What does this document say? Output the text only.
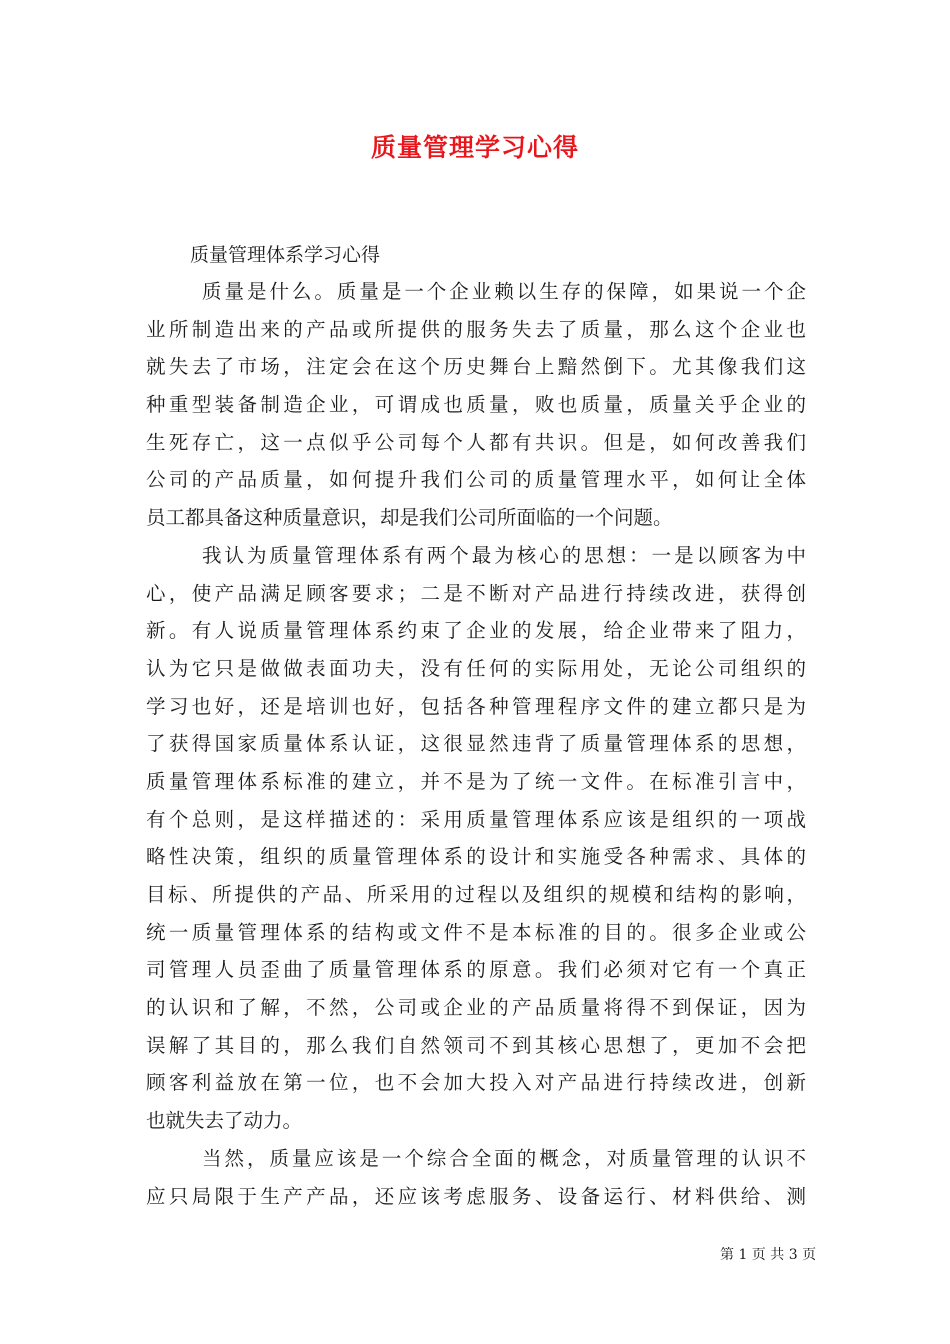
质量管理学习心得
质量管理体系学习心得

质量是什么。质量是一个企业赖以生存的保障，如果说一个企
业所制造出来的产品或所提供的服务失去了质量，那么这个企业也
就失去了市场，注定会在这个历史舞台上黯然倒下。尤其像我们这
种重型装备制造企业，可谓成也质量，败也质量，质量关乎企业的
生死存亡，这一点似乎公司每个人都有共识。但是，如何改善我们
公司的产品质量，如何提升我们公司的质量管理水平，如何让全体
员工都具备这种质量意识，却是我们公司所面临的一个问题。

我认为质量管理体系有两个最为核心的思想：一是以顾客为中
心，使产品满足顾客要求；二是不断对产品进行持续改进，获得创
新。有人说质量管理体系约束了企业的发展，给企业带来了阻力，
认为它只是做做表面功夫，没有任何的实际用处，无论公司组织的
学习也好，还是培训也好，包括各种管理程序文件的建立都只是为
了获得国家质量体系认证，这很显然违背了质量管理体系的思想，
质量管理体系标准的建立，并不是为了统一文件。在标准引言中，
有个总则，是这样描述的：采用质量管理体系应该是组织的一项战
略性决策，组织的质量管理体系的设计和实施受各种需求、具体的
目标、所提供的产品、所采用的过程以及组织的规模和结构的影响，
统一质量管理体系的结构或文件不是本标准的目的。很多企业或公
司管理人员歪曲了质量管理体系的原意。我们必须对它有一个真正
的认识和了解，不然，公司或企业的产品质量将得不到保证，因为
误解了其目的，那么我们自然领司不到其核心思想了，更加不会把
顾客利益放在第一位，也不会加大投入对产品进行持续改进，创新
也就失去了动力。

当然，质量应该是一个综合全面的概念，对质量管理的认识不
应只局限于生产产品，还应该考虑服务、设备运行、材料供给、测

第 1 页 共 3 页
